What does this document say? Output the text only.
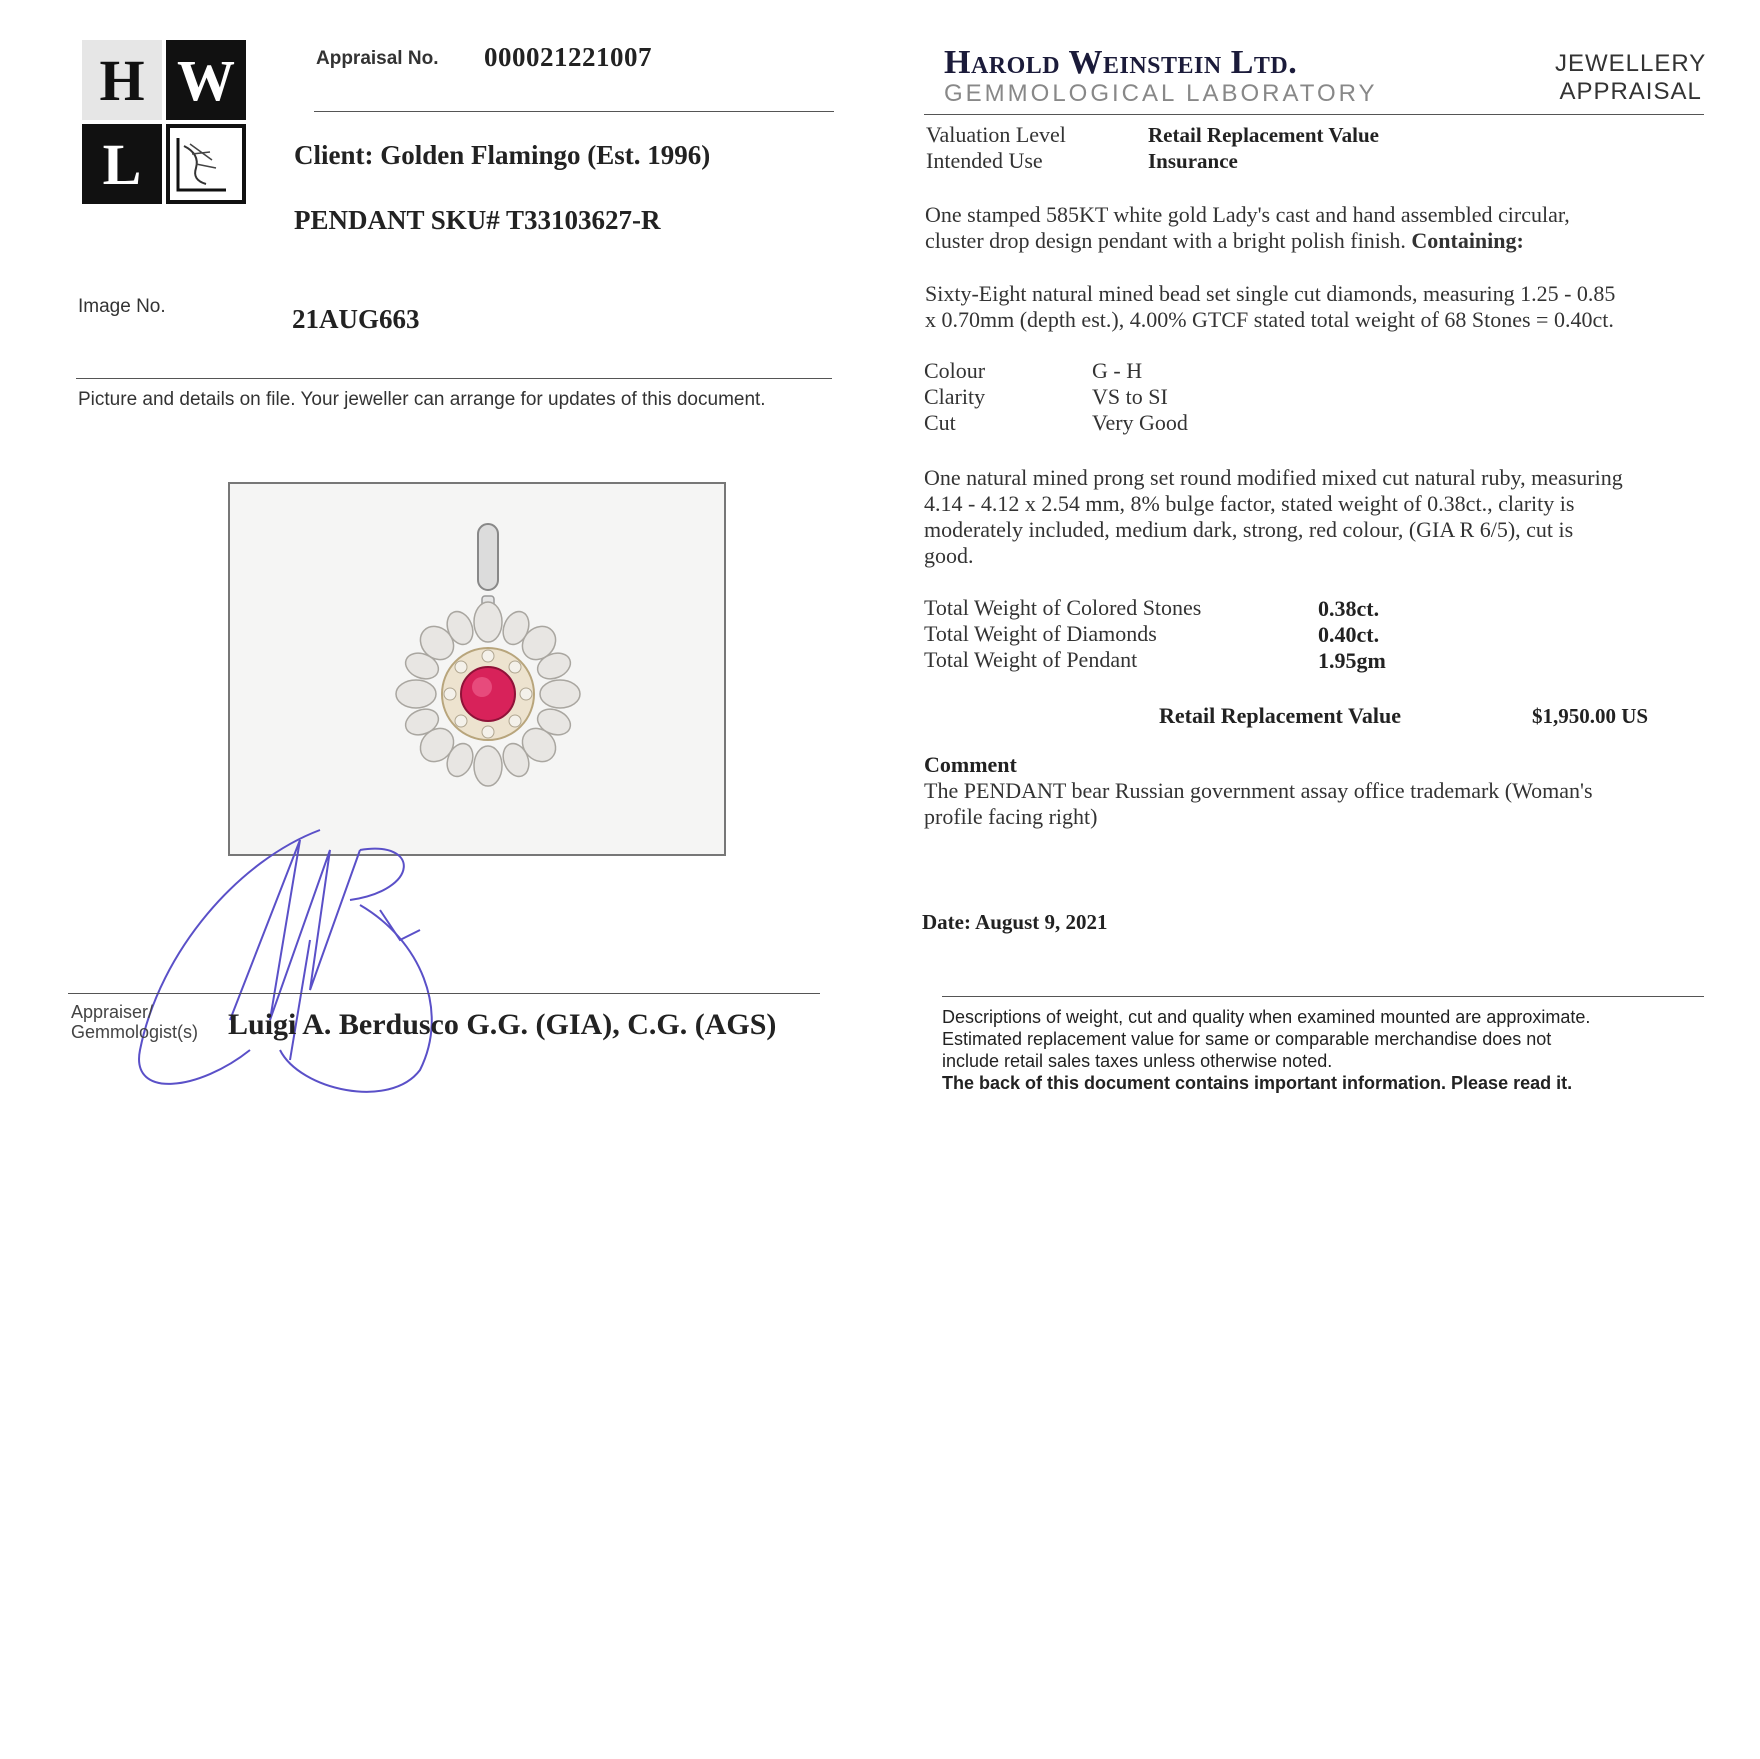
H W
L
Appraisal No. 000021221007
Client: Golden Flamingo (Est. 1996)
PENDANT SKU# T33103627-R
Image No.	21AUG663
Picture and details on file. Your jeweller can arrange for updates of this document.
Appraiser/
Gemmologist(s) Luigi A. Berdusco G.G. (GIA), C.G. (AGS)
Harold Weinstein Ltd.
GEMMOLOGICAL LABORATORY
JEWELLERY
APPRAISAL
Valuation Level	Retail Replacement Value
Intended Use	Insurance
One stamped 585KT white gold Lady's cast and hand assembled circular,
cluster drop design pendant with a bright polish finish. Containing:
Sixty-Eight natural mined bead set single cut diamonds, measuring 1.25 - 0.85
x 0.70mm (depth est.), 4.00% GTCF stated total weight of 68 Stones = 0.40ct.
Colour	G - H
Clarity	VS to SI
Cut	Very Good
One natural mined prong set round modified mixed cut natural ruby, measuring
4.14 - 4.12 x 2.54 mm, 8% bulge factor, stated weight of 0.38ct., clarity is
moderately included, medium dark, strong, red colour, (GIA R 6/5), cut is
good.
Total Weight of Colored Stones	0.38ct.
Total Weight of Diamonds	0.40ct.
Total Weight of Pendant	1.95gm
Retail Replacement Value	$1,950.00 US
Comment
The PENDANT bear Russian government assay office trademark (Woman's
profile facing right)
Date: August 9, 2021
Descriptions of weight, cut and quality when examined mounted are approximate.
Estimated replacement value for same or comparable merchandise does not
include retail sales taxes unless otherwise noted.
The back of this document contains important information. Please read it.
